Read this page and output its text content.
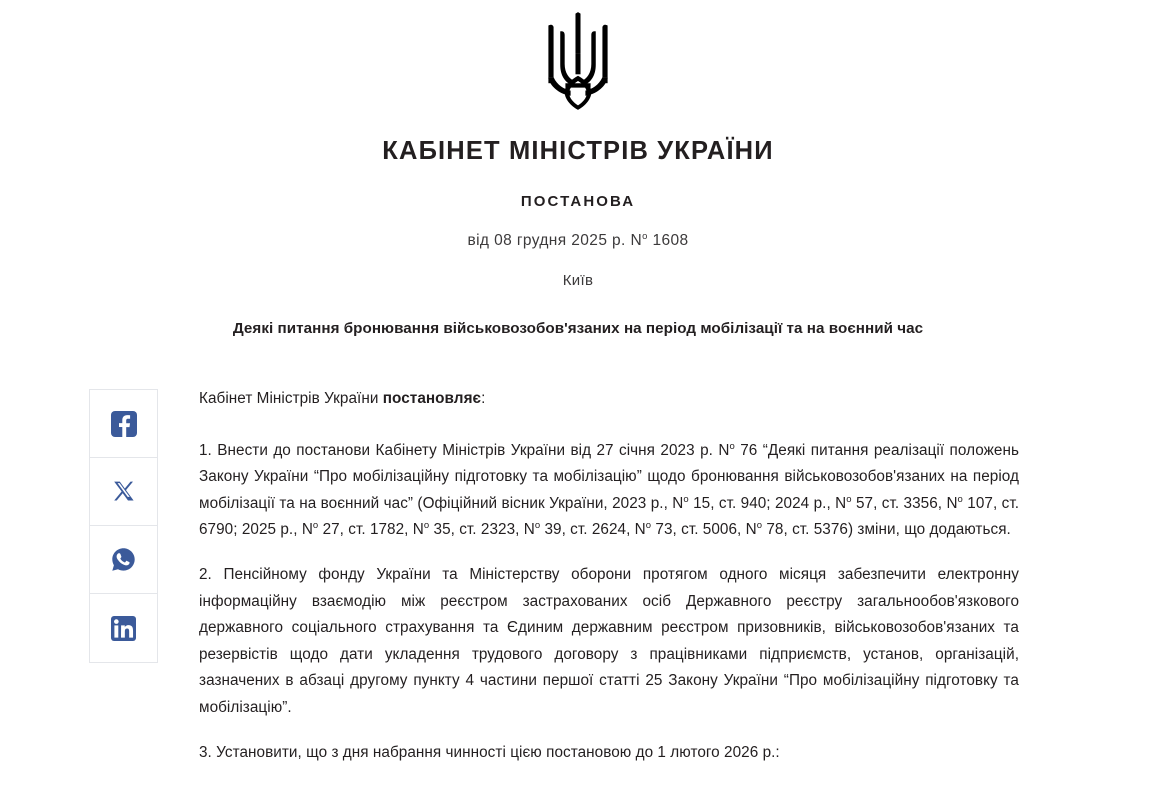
КАБІНЕТ МІНІСТРІВ УКРАЇНИ
ПОСТАНОВА
від 08 грудня 2025 р. $N^o$ 1608
Київ
Деякі питання бронювання військовозобов'язаних на період мобілізації та на воєнний час

Кабінет Міністрів України постановляє:

1. Внести до постанови Кабінету Міністрів України від 27 січня 2023 р. $N^o$ 76 “Деякі питання реалізації положень Закону України “Про мобілізаційну підготовку та мобілізацію” щодо бронювання військовозобов'язаних на період мобілізації та на воєнний час” (Офіційний вісник України, 2023 р., $N^o$ 15, ст. 940; 2024 р., $N^o$ 57, ст. 3356, $N^o$ 107, ст. 6790; 2025 р., $N^o$ 27, ст. 1782, $N^o$ 35, ст. 2323, $N^o$ 39, ст. 2624, $N^o$ 73, ст. 5006, $N^o$ 78, ст. 5376) зміни, що додаються.

2. Пенсійному фонду України та Міністерству оборони протягом одного місяця забезпечити електронну інформаційну взаємодію між реєстром застрахованих осіб Державного реєстру загальнообов'язкового державного соціального страхування та Єдиним державним реєстром призовників, військовозобов'язаних та резервістів щодо дати укладення трудового договору з працівниками підприємств, установ, організацій, зазначених в абзаці другому пункту 4 частини першої статті 25 Закону України “Про мобілізаційну підготовку та мобілізацію”.

3. Установити, що з дня набрання чинності цією постановою до 1 лютого 2026 р.:
